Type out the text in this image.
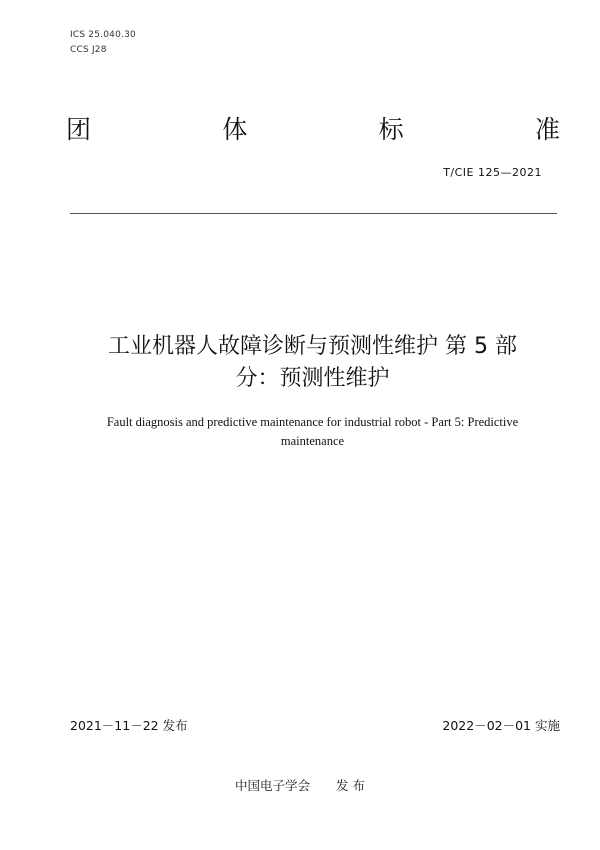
ICS 25.040.30
CCS J28
团	体	标	准
T/CIE 125—2021
工业机器人故障诊断与预测性维护 第 5 部
分：预测性维护
Fault diagnosis and predictive maintenance for industrial robot - Part 5: Predictive
maintenance
2021－11－22 发布	2022－02－01 实施
中国电子学会 发 布
